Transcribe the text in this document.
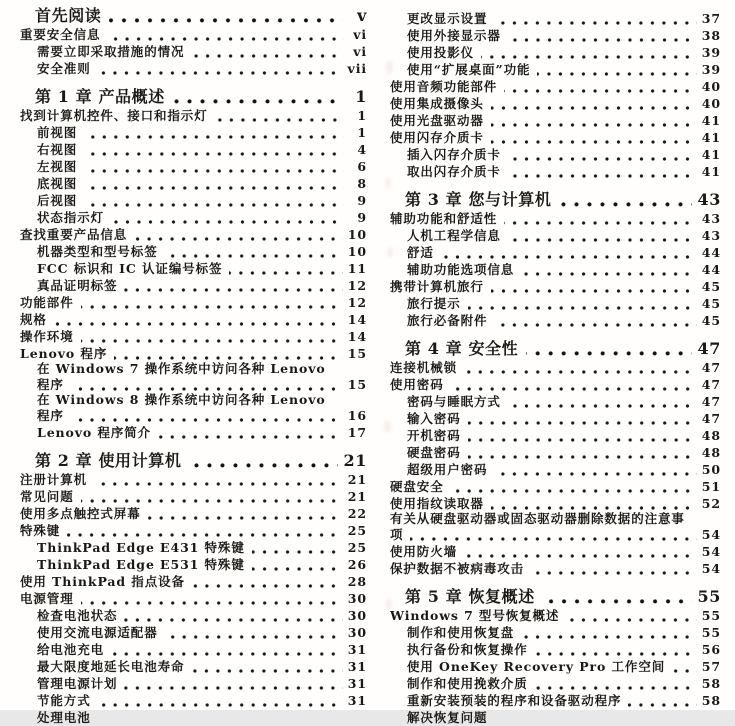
首先阅读	v
重要安全信息	vi
需要立即采取措施的情况	vi
安全准则	vii
第 1 章 产品概述	1
找到计算机控件、接口和指示灯	1
前视图	1
右视图	4
左视图	6
底视图	8
后视图	9
状态指示灯	9
查找重要产品信息	10
机器类型和型号标签	10
FCC 标识和 IC 认证编号标签	11
真品证明标签	12
功能部件	12
规格	14
操作环境	14
Lenovo 程序	15
在 Windows 7 操作系统中访问各种 Lenovo
程序	15
在 Windows 8 操作系统中访问各种 Lenovo
程序	16
Lenovo 程序简介	17
第 2 章 使用计算机	21
注册计算机	21
常见问题	21
使用多点触控式屏幕	22
特殊键	25
ThinkPad Edge E431 特殊键	25
ThinkPad Edge E531 特殊键	26
使用 ThinkPad 指点设备	28
电源管理	30
检查电池状态	30
使用交流电源适配器	30
给电池充电	31
最大限度地延长电池寿命	31
管理电源计划	31
节能方式	31
处理电池
更改显示设置	37
使用外接显示器	38
使用投影仪	39
使用“扩展桌面”功能	39
使用音频功能部件	40
使用集成摄像头	40
使用光盘驱动器	41
使用闪存介质卡	41
插入闪存介质卡	41
取出闪存介质卡	41
第 3 章 您与计算机	43
辅助功能和舒适性	43
人机工程学信息	43
舒适	44
辅助功能选项信息	44
携带计算机旅行	45
旅行提示	45
旅行必备附件	45
第 4 章 安全性	47
连接机械锁	47
使用密码	47
密码与睡眠方式	47
输入密码	47
开机密码	48
硬盘密码	48
超级用户密码	50
硬盘安全	51
使用指纹读取器	52
有关从硬盘驱动器或固态驱动器删除数据的注意事
项	54
使用防火墙	54
保护数据不被病毒攻击	54
第 5 章 恢复概述	55
Windows 7 型号恢复概述	55
制作和使用恢复盘	55
执行备份和恢复操作	56
使用 OneKey Recovery Pro 工作空间	57
制作和使用挽救介质	58
重新安装预装的程序和设备驱动程序	58
解决恢复问题
